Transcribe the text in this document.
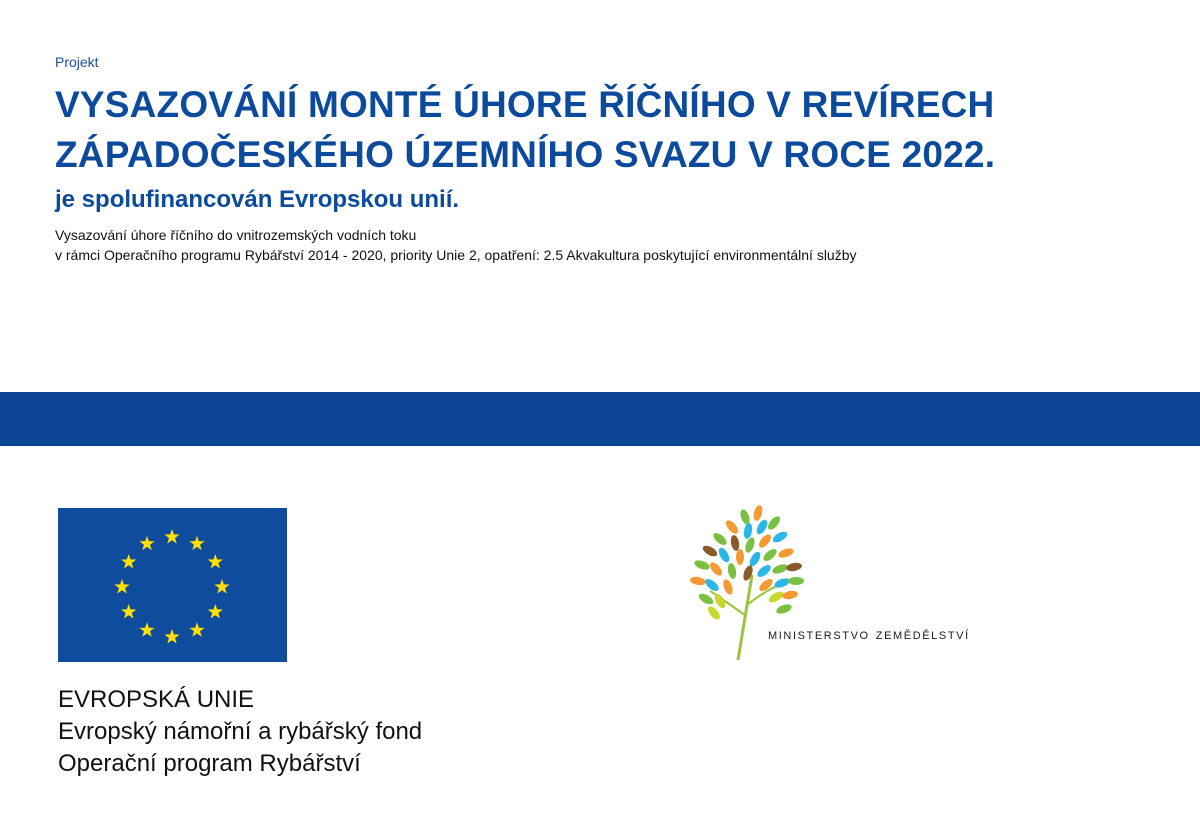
Projekt
VYSAZOVÁNÍ MONTÉ ÚHORE ŘÍČNÍHO V REVÍRECH
ZÁPADOČESKÉHO ÚZEMNÍHO SVAZU V ROCE 2022.
je spolufinancován Evropskou unií.
Vysazování úhore říčního do vnitrozemských vodních toku
v rámci Operačního programu Rybářství 2014 - 2020, priority Unie 2, opatření: 2.5 Akvakultura poskytující environmentální služby
EVROPSKÁ UNIE
Evropský námořní a rybářský fond
Operační program Rybářství
ministerstvo zemědělství
